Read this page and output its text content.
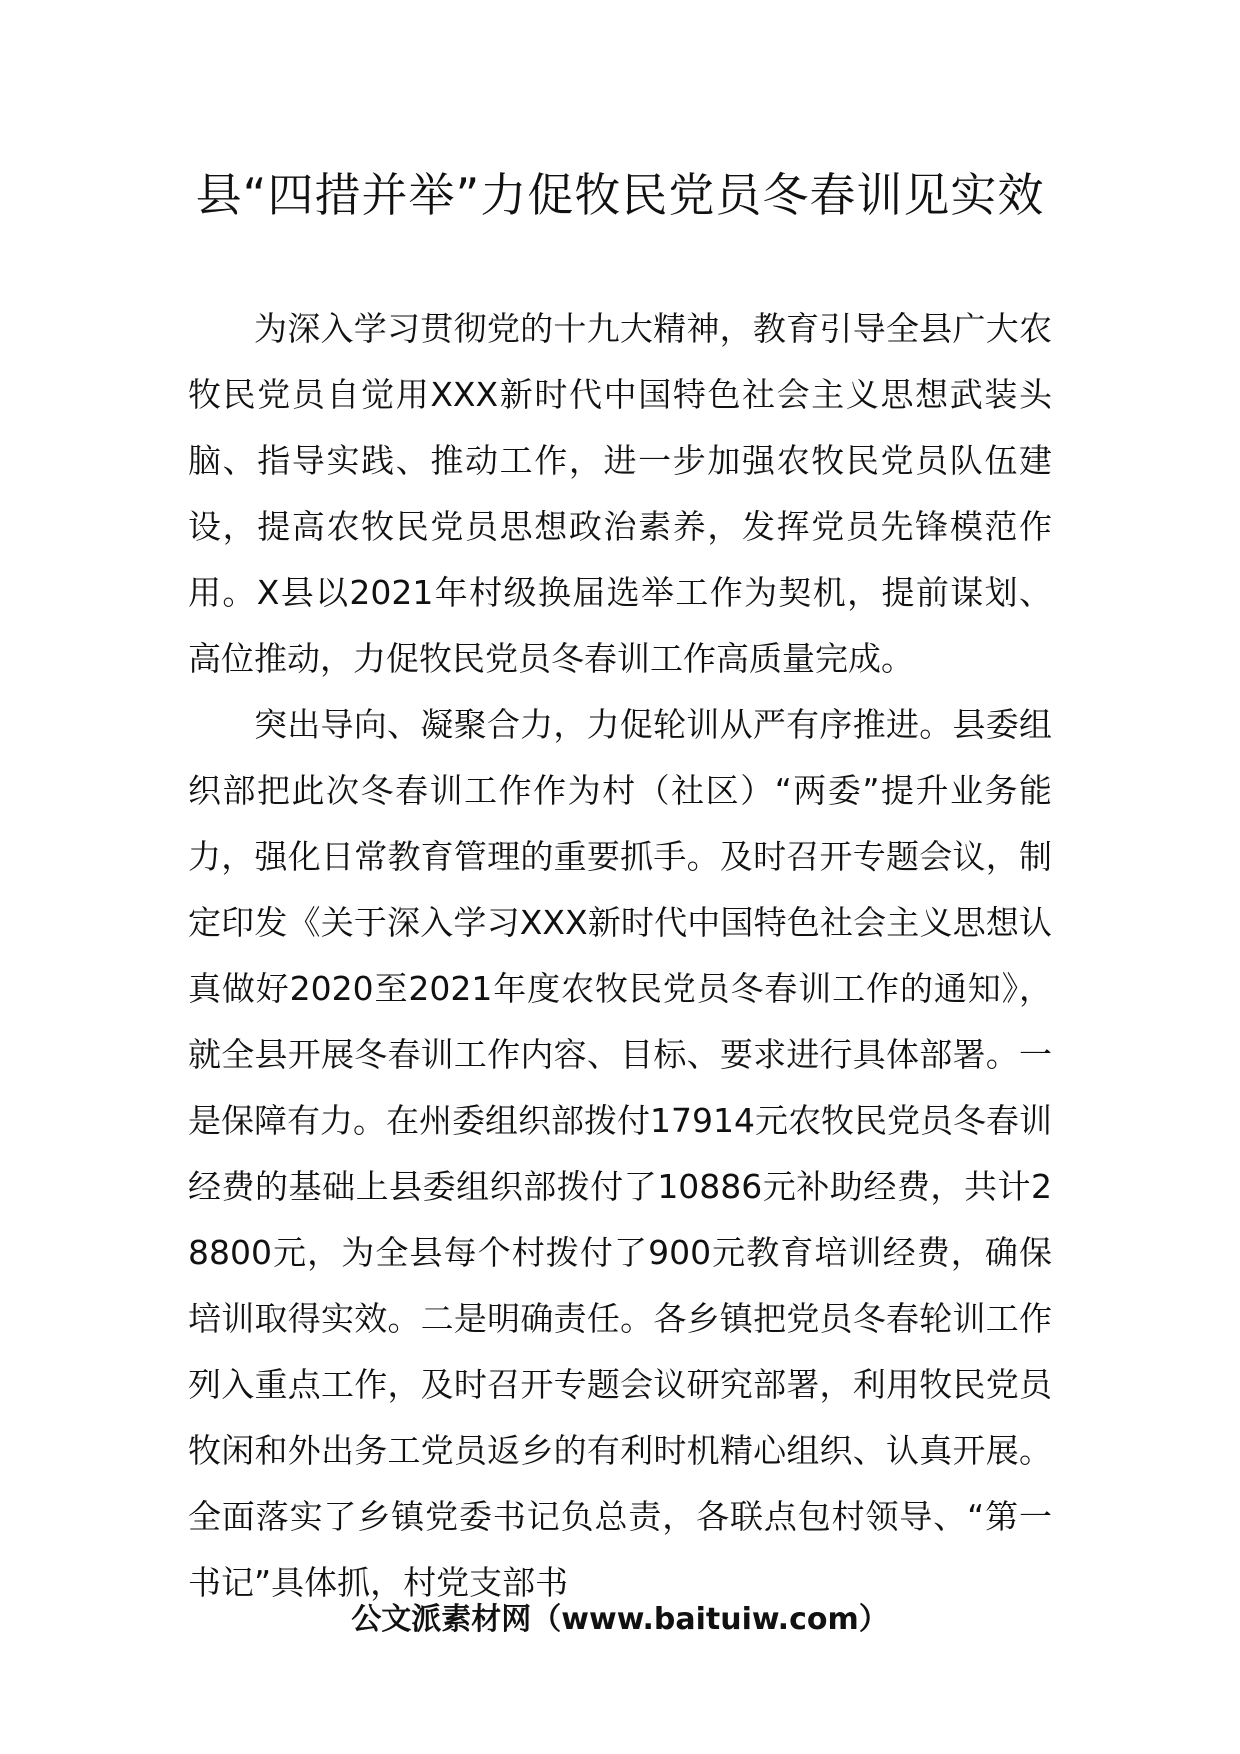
县“四措并举”力促牧民党员冬春训见实效

为深入学习贯彻党的十九大精神，教育引导全县广大农牧民党员自觉用XXX新时代中国特色社会主义思想武装头脑、指导实践、推动工作，进一步加强农牧民党员队伍建设，提高农牧民党员思想政治素养，发挥党员先锋模范作用。X县以2021年村级换届选举工作为契机，提前谋划、高位推动，力促牧民党员冬春训工作高质量完成。

突出导向、凝聚合力，力促轮训从严有序推进。县委组织部把此次冬春训工作作为村（社区）“两委”提升业务能力，强化日常教育管理的重要抓手。及时召开专题会议，制定印发《关于深入学习XXX新时代中国特色社会主义思想认真做好2020至2021年度农牧民党员冬春训工作的通知》，就全县开展冬春训工作内容、目标、要求进行具体部署。一是保障有力。在州委组织部拨付17914元农牧民党员冬春训经费的基础上县委组织部拨付了10886元补助经费，共计28800元，为全县每个村拨付了900元教育培训经费，确保培训取得实效。二是明确责任。各乡镇把党员冬春轮训工作列入重点工作，及时召开专题会议研究部署，利用牧民党员牧闲和外出务工党员返乡的有利时机精心组织、认真开展。全面落实了乡镇党委书记负总责，各联点包村领导、“第一书记”具体抓，村党支部书

公文派素材网（www.baituiw.com）
